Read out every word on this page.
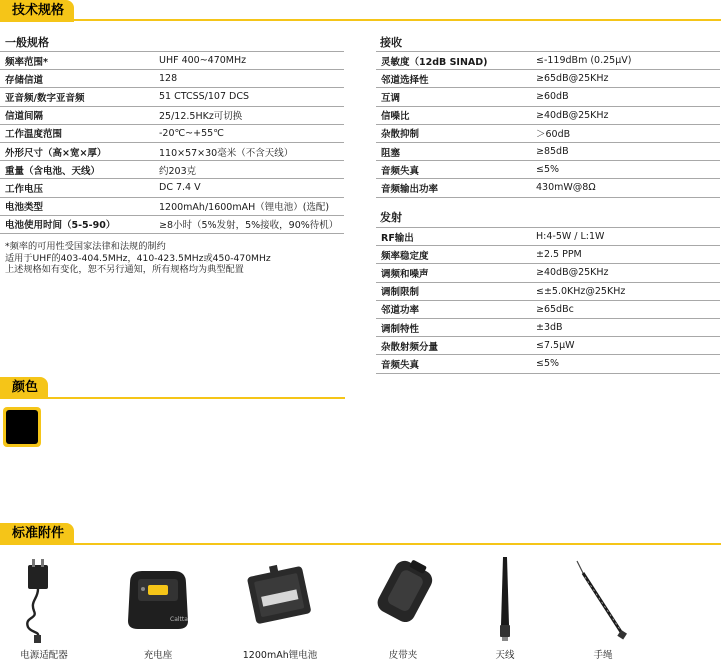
技术规格
一般规格
频率范围*	UHF 400~470MHz
存储信道	128
亚音频/数字亚音频	51 CTCSS/107 DCS
信道间隔	25/12.5HKz可切换
工作温度范围	-20℃~+55℃
外形尺寸（高×宽×厚）	110×57×30毫米（不含天线）
重量（含电池、天线）	约203克
工作电压	DC 7.4 V
电池类型	1200mAh/1600mAH（锂电池）(选配)
电池使用时间（5-5-90）	≥8小时（5%发射，5%接收，90%待机）
*频率的可用性受国家法律和法规的制约
适用于UHF的403-404.5MHz，410-423.5MHz或450-470MHz
上述规格如有变化，恕不另行通知，所有规格均为典型配置
接收
灵敏度（12dB SINAD)	≤-119dBm (0.25μV)
邻道选择性	≥65dB@25KHz
互调	≥60dB
信噪比	≥40dB@25KHz
杂散抑制	＞60dB
阻塞	≥85dB
音频失真	≤5%
音频输出功率	430mW@8Ω
发射
RF输出	H:4-5W / L:1W
频率稳定度	±2.5 PPM
调频和噪声	≥40dB@25KHz
调制限制	≤±5.0KHz@25KHz
邻道功率	≥65dBc
调制特性	±3dB
杂散射频分量	≤7.5μW
音频失真	≤5%
颜色
标准附件
电源适配器
Caltta
充电座	1200mAh锂电池	皮带夹	天线	手绳
